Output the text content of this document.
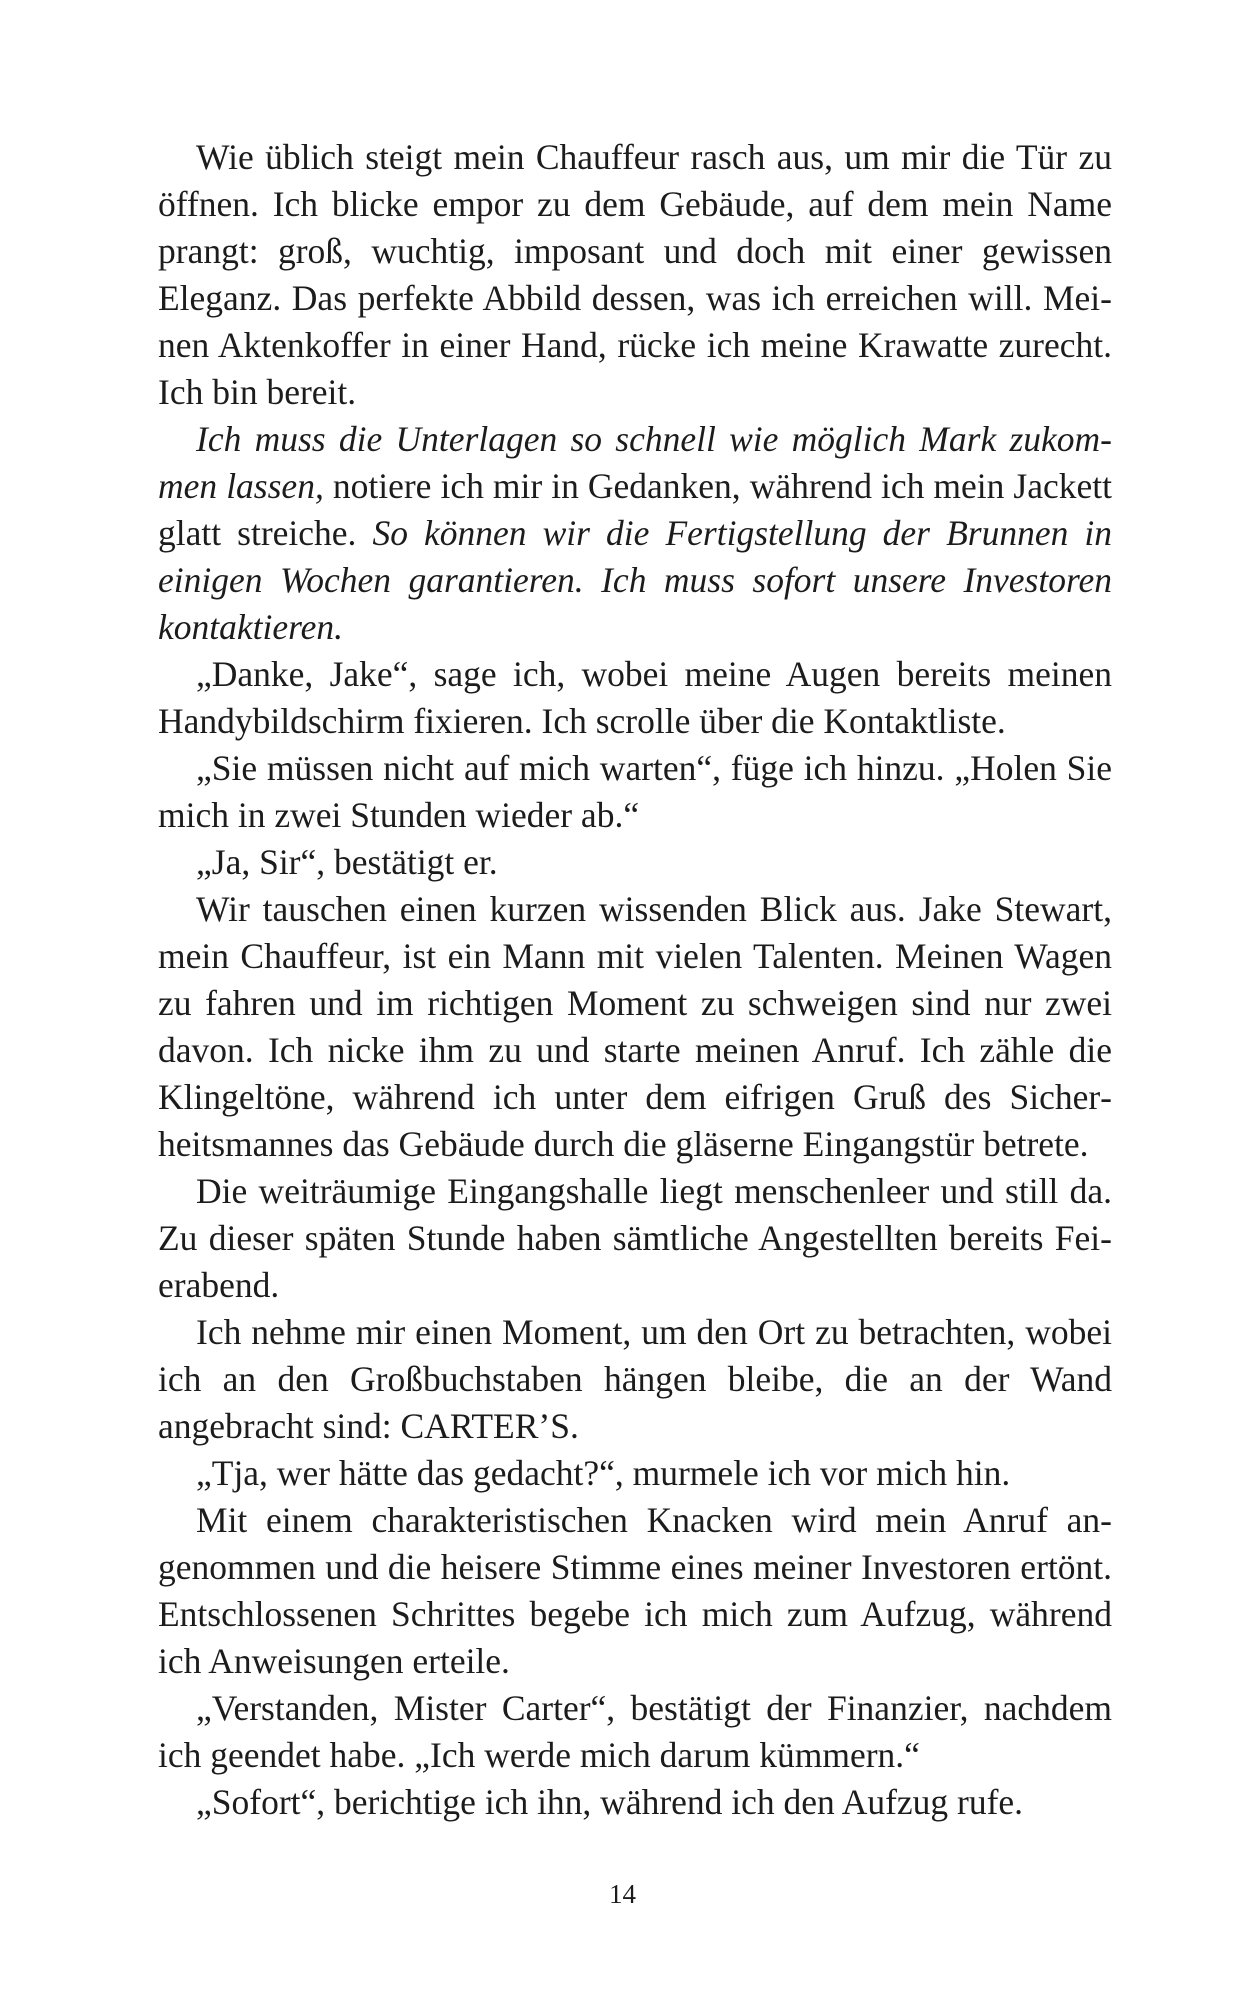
Wie üblich steigt mein Chauffeur rasch aus, um mir die Tür zu öffnen. Ich blicke empor zu dem Gebäude, auf dem mein Name prangt: groß, wuchtig, imposant und doch mit einer gewissen Eleganz. Das perfekte Abbild dessen, was ich erreichen will. Meinen Aktenkoffer in einer Hand, rücke ich meine Krawatte zurecht. Ich bin bereit.

Ich muss die Unterlagen so schnell wie möglich Mark zukommen lassen, notiere ich mir in Gedanken, während ich mein Jackett glatt streiche. So können wir die Fertigstellung der Brunnen in einigen Wochen garantieren. Ich muss sofort unsere Investoren kontaktieren.

„Danke, Jake“, sage ich, wobei meine Augen bereits meinen Handybildschirm fixieren. Ich scrolle über die Kontaktliste.

„Sie müssen nicht auf mich warten“, füge ich hinzu. „Holen Sie mich in zwei Stunden wieder ab.“

„Ja, Sir“, bestätigt er.

Wir tauschen einen kurzen wissenden Blick aus. Jake Stewart, mein Chauffeur, ist ein Mann mit vielen Talenten. Meinen Wagen zu fahren und im richtigen Moment zu schweigen sind nur zwei davon. Ich nicke ihm zu und starte meinen Anruf. Ich zähle die Klingeltöne, während ich unter dem eifrigen Gruß des Sicherheitsmannes das Gebäude durch die gläserne Eingangstür betrete.

Die weiträumige Eingangshalle liegt menschenleer und still da. Zu dieser späten Stunde haben sämtliche Angestellten bereits Feierabend.

Ich nehme mir einen Moment, um den Ort zu betrachten, wobei ich an den Großbuchstaben hängen bleibe, die an der Wand angebracht sind: CARTER’S.

„Tja, wer hätte das gedacht?“, murmele ich vor mich hin.

Mit einem charakteristischen Knacken wird mein Anruf angenommen und die heisere Stimme eines meiner Investoren ertönt. Entschlossenen Schrittes begebe ich mich zum Aufzug, während ich Anweisungen erteile.

„Verstanden, Mister Carter“, bestätigt der Finanzier, nachdem ich geendet habe. „Ich werde mich darum kümmern.“

„Sofort“, berichtige ich ihn, während ich den Aufzug rufe.

14
